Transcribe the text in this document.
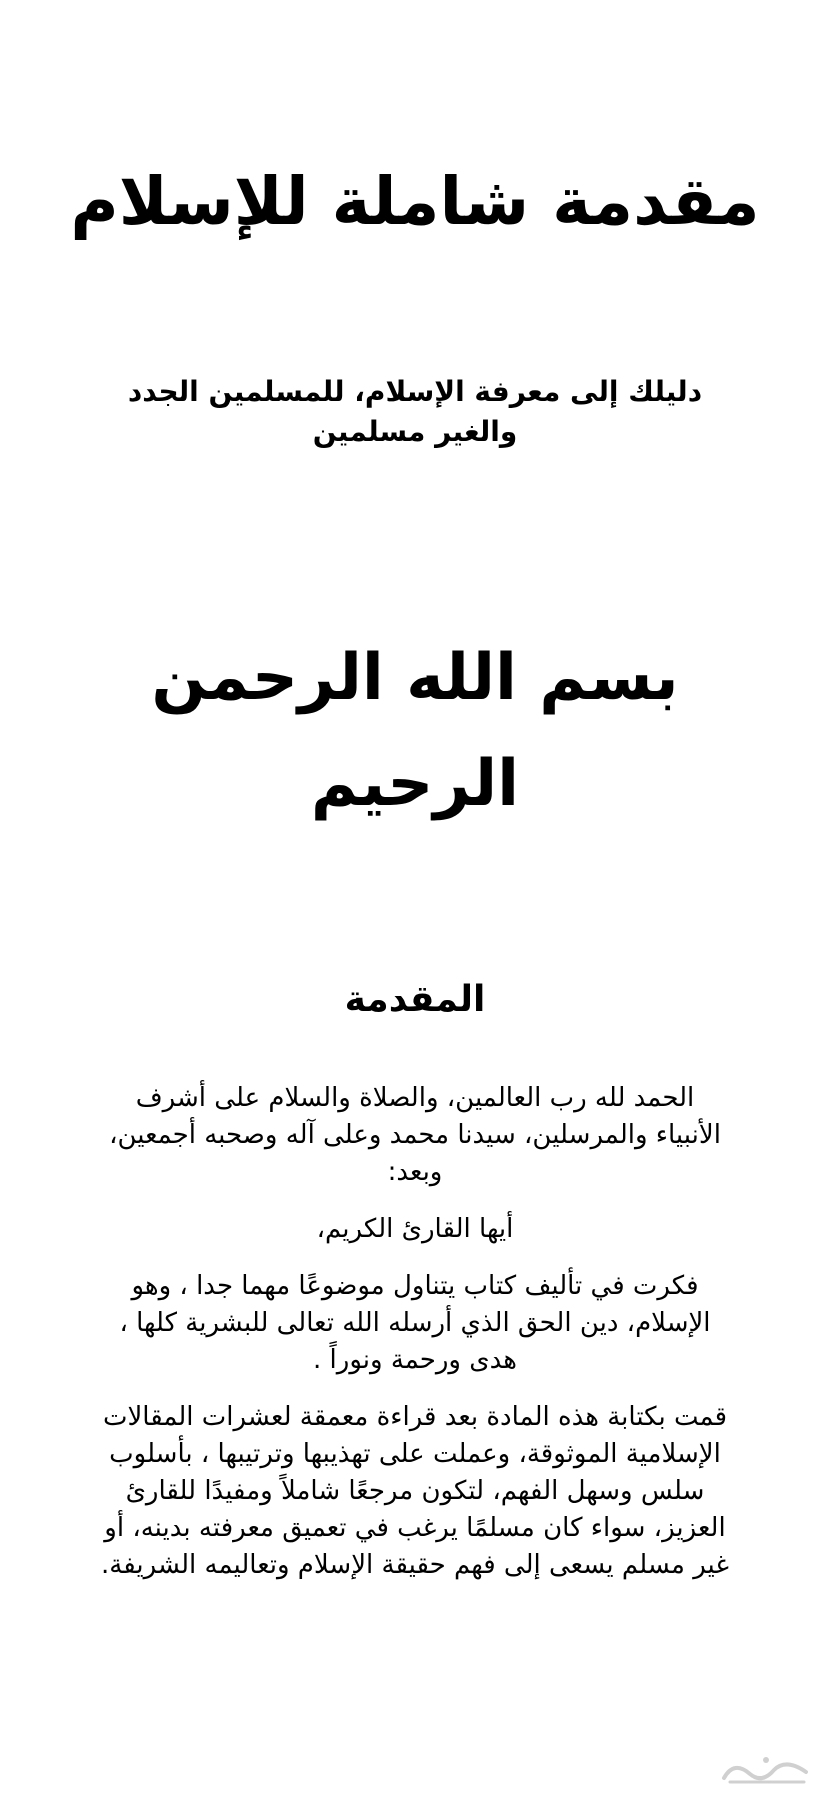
مقدمة شاملة للإسلام
دليلك إلى معرفة الإسلام، للمسلمين الجدد والغير مسلمين
بسم الله الرحمن الرحيم
المقدمة

الحمد لله رب العالمين، والصلاة والسلام على أشرف الأنبياء والمرسلين، سيدنا محمد وعلى آله وصحبه أجمعين، وبعد:

أيها القارئ الكريم،

فكرت في تأليف كتاب يتناول موضوعًا مهما جدا ، وهو الإسلام، دين الحق الذي أرسله الله تعالى للبشرية كلها ، هدى ورحمة ونوراً .

قمت بكتابة هذه المادة بعد قراءة معمقة لعشرات المقالات الإسلامية الموثوقة، وعملت على تهذيبها وترتيبها ، بأسلوب سلس وسهل الفهم، لتكون مرجعًا شاملاً ومفيدًا للقارئ العزيز، سواء كان مسلمًا يرغب في تعميق معرفته بدينه، أو غير مسلم يسعى إلى فهم حقيقة الإسلام وتعاليمه الشريفة.
